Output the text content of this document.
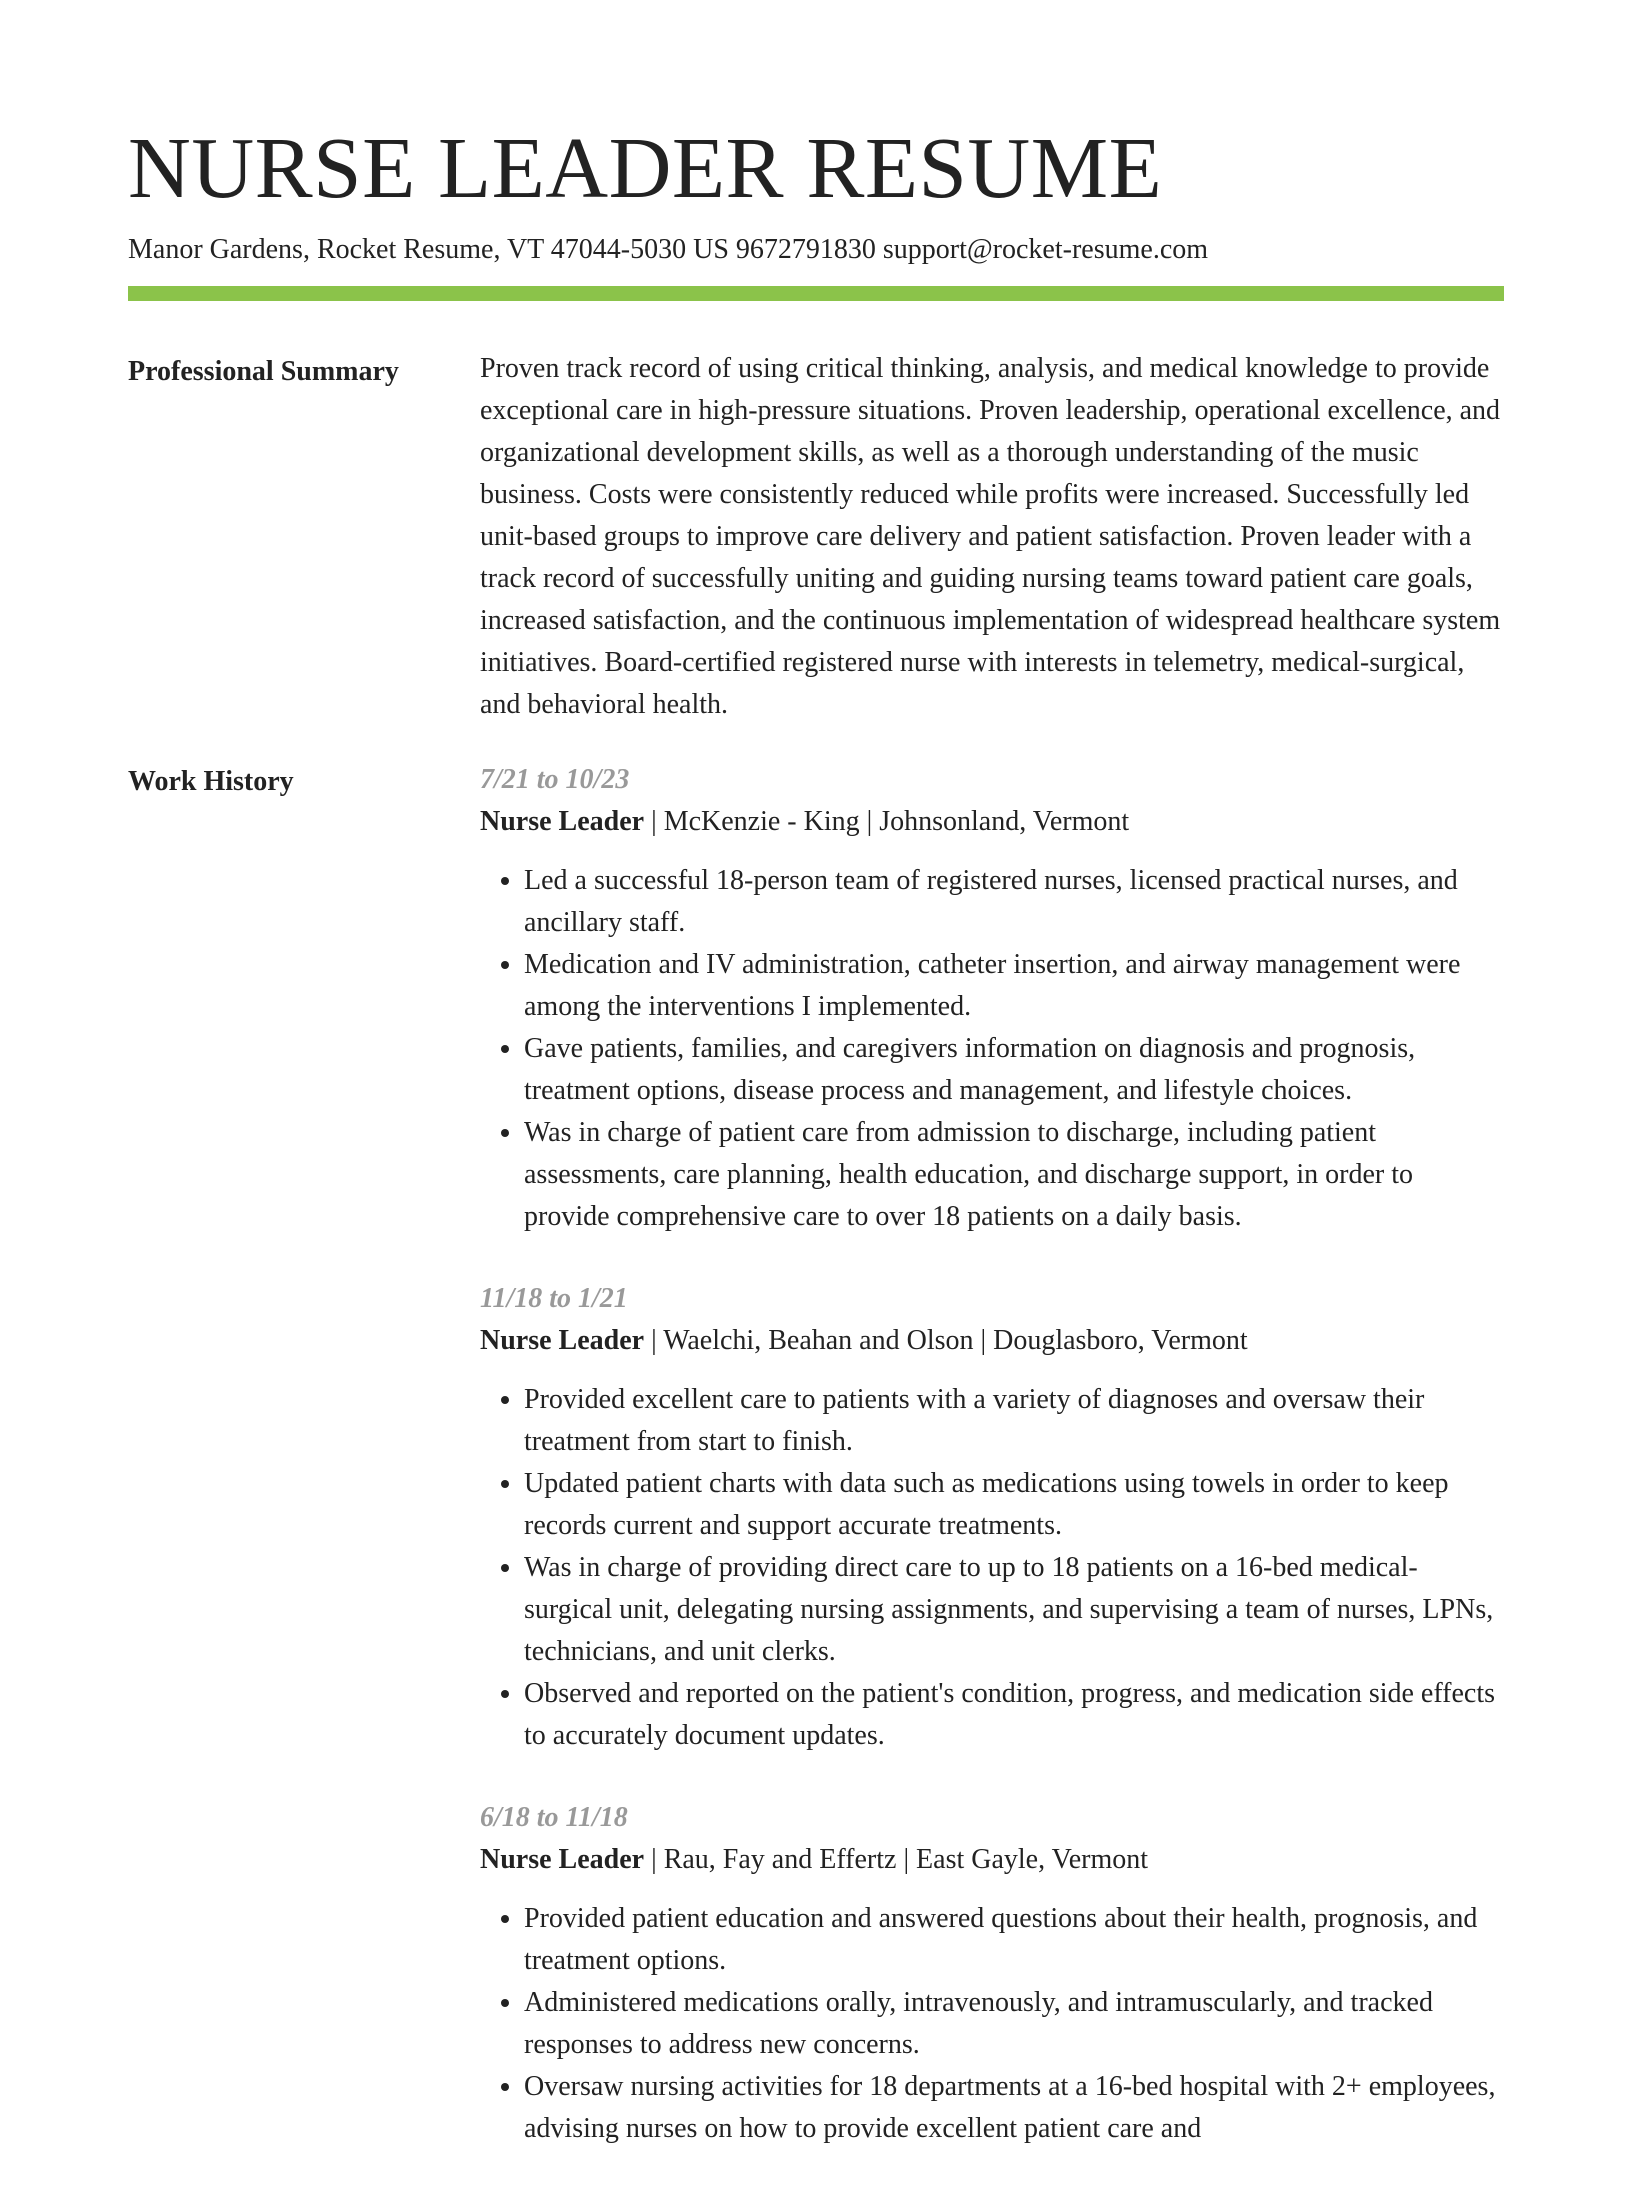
NURSE LEADER RESUME
Manor Gardens, Rocket Resume, VT 47044-5030 US 9672791830 support@rocket-resume.com
Professional Summary	Proven track record of using critical thinking, analysis, and medical knowledge to provide exceptional care in high-pressure situations. Proven leadership, operational excellence, and organizational development skills, as well as a thorough understanding of the music business. Costs were consistently reduced while profits were increased. Successfully led unit-based groups to improve care delivery and patient satisfaction. Proven leader with a track record of successfully uniting and guiding nursing teams toward patient care goals, increased satisfaction, and the continuous implementation of widespread healthcare system initiatives. Board-certified registered nurse with interests in telemetry, medical-surgical, and behavioral health.

Work History	7/21 to 10/23
Nurse Leader | McKenzie - King | Johnsonland, Vermont
• Led a successful 18-person team of registered nurses, licensed practical nurses, and ancillary staff.
• Medication and IV administration, catheter insertion, and airway management were among the interventions I implemented.
• Gave patients, families, and caregivers information on diagnosis and prognosis, treatment options, disease process and management, and lifestyle choices.
• Was in charge of patient care from admission to discharge, including patient assessments, care planning, health education, and discharge support, in order to provide comprehensive care to over 18 patients on a daily basis.
11/18 to 1/21
Nurse Leader | Waelchi, Beahan and Olson | Douglasboro, Vermont
• Provided excellent care to patients with a variety of diagnoses and oversaw their treatment from start to finish.
• Updated patient charts with data such as medications using towels in order to keep records current and support accurate treatments.
• Was in charge of providing direct care to up to 18 patients on a 16-bed medical-surgical unit, delegating nursing assignments, and supervising a team of nurses, LPNs, technicians, and unit clerks.
• Observed and reported on the patient's condition, progress, and medication side effects to accurately document updates.
6/18 to 11/18
Nurse Leader | Rau, Fay and Effertz | East Gayle, Vermont
• Provided patient education and answered questions about their health, prognosis, and treatment options.
• Administered medications orally, intravenously, and intramuscularly, and tracked responses to address new concerns.
• Oversaw nursing activities for 18 departments at a 16-bed hospital with 2+ employees, advising nurses on how to provide excellent patient care and
